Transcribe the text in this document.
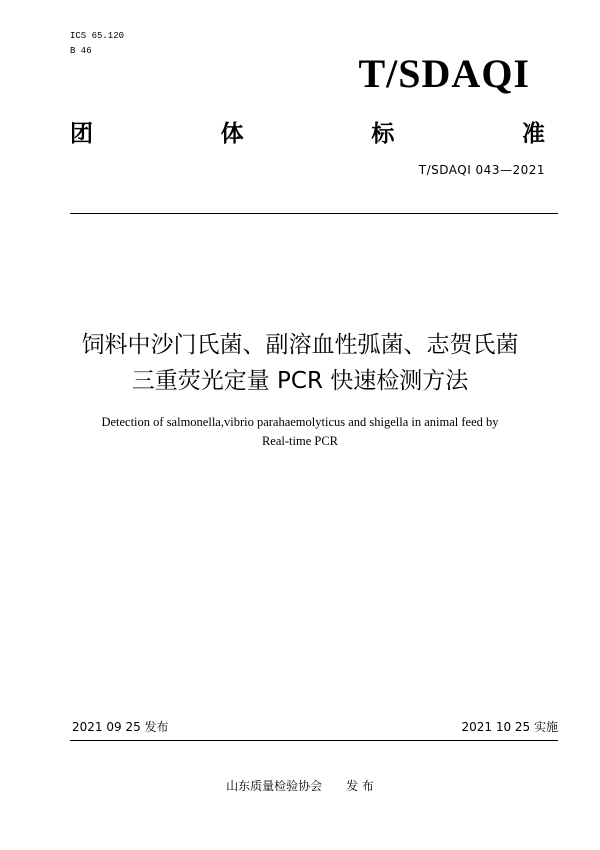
ICS 65.120
B 46	T/SDAQI
团	体	标	准
T/SDAQI 043—2021
饲料中沙门氏菌、副溶血性弧菌、志贺氏菌
三重荧光定量 PCR 快速检测方法
Detection of salmonella,vibrio parahaemolyticus and shigella in animal feed by
Real-time PCR
2021 09 25 发布	2021 10 25 实施
山东质量检验协会 发 布
